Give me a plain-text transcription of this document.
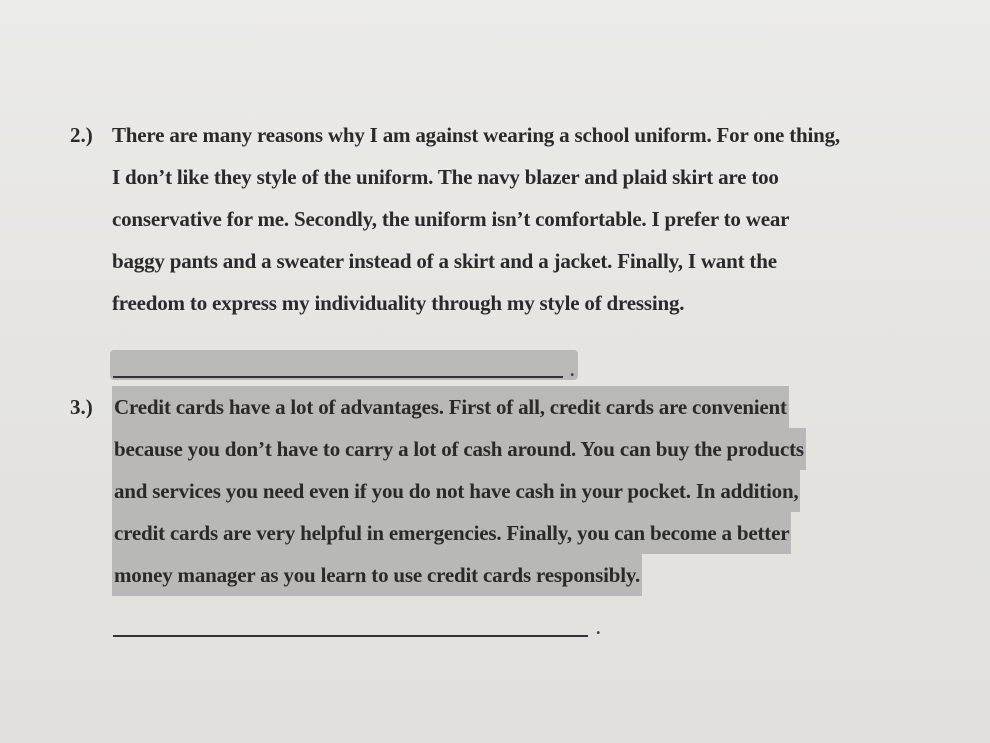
2.) There are many reasons why I am against wearing a school uniform. For one thing,
I don’t like they style of the uniform. The navy blazer and plaid skirt are too
conservative for me. Secondly, the uniform isn’t comfortable. I prefer to wear
baggy pants and a sweater instead of a skirt and a jacket. Finally, I want the
freedom to express my individuality through my style of dressing.
.
3.) Credit cards have a lot of advantages. First of all, credit cards are convenient
because you don’t have to carry a lot of cash around. You can buy the products
and services you need even if you do not have cash in your pocket. In addition,
credit cards are very helpful in emergencies. Finally, you can become a better
money manager as you learn to use credit cards responsibly.
.
